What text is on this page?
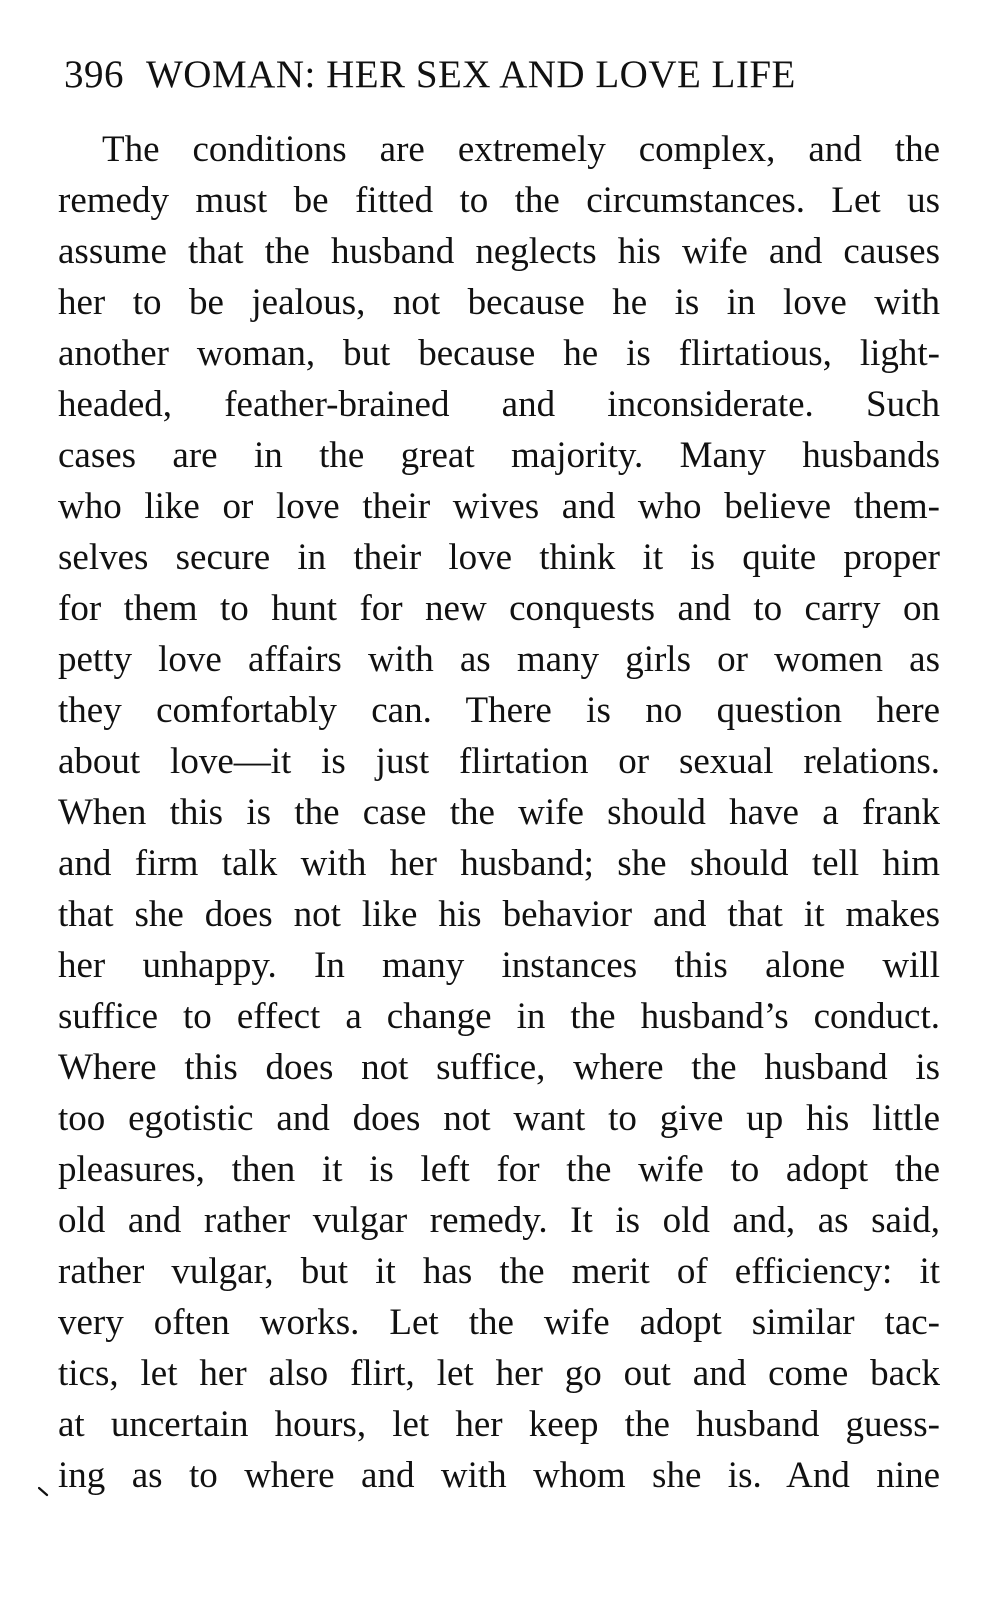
396 WOMAN: HER SEX AND LOVE LIFE
The conditions are extremely complex, and the
remedy must be fitted to the circumstances. Let us
assume that the husband neglects his wife and causes
her to be jealous, not because he is in love with
another woman, but because he is flirtatious, light-
headed, feather-brained and inconsiderate. Such
cases are in the great majority. Many husbands
who like or love their wives and who believe them-
selves secure in their love think it is quite proper
for them to hunt for new conquests and to carry on
petty love affairs with as many girls or women as
they comfortably can. There is no question here
about love—it is just flirtation or sexual relations.
When this is the case the wife should have a frank
and firm talk with her husband; she should tell him
that she does not like his behavior and that it makes
her unhappy. In many instances this alone will
suffice to effect a change in the husband’s conduct.
Where this does not suffice, where the husband is
too egotistic and does not want to give up his little
pleasures, then it is left for the wife to adopt the
old and rather vulgar remedy. It is old and, as said,
rather vulgar, but it has the merit of efficiency: it
very often works. Let the wife adopt similar tac-
tics, let her also flirt, let her go out and come back
at uncertain hours, let her keep the husband guess-
ing as to where and with whom she is. And nine
